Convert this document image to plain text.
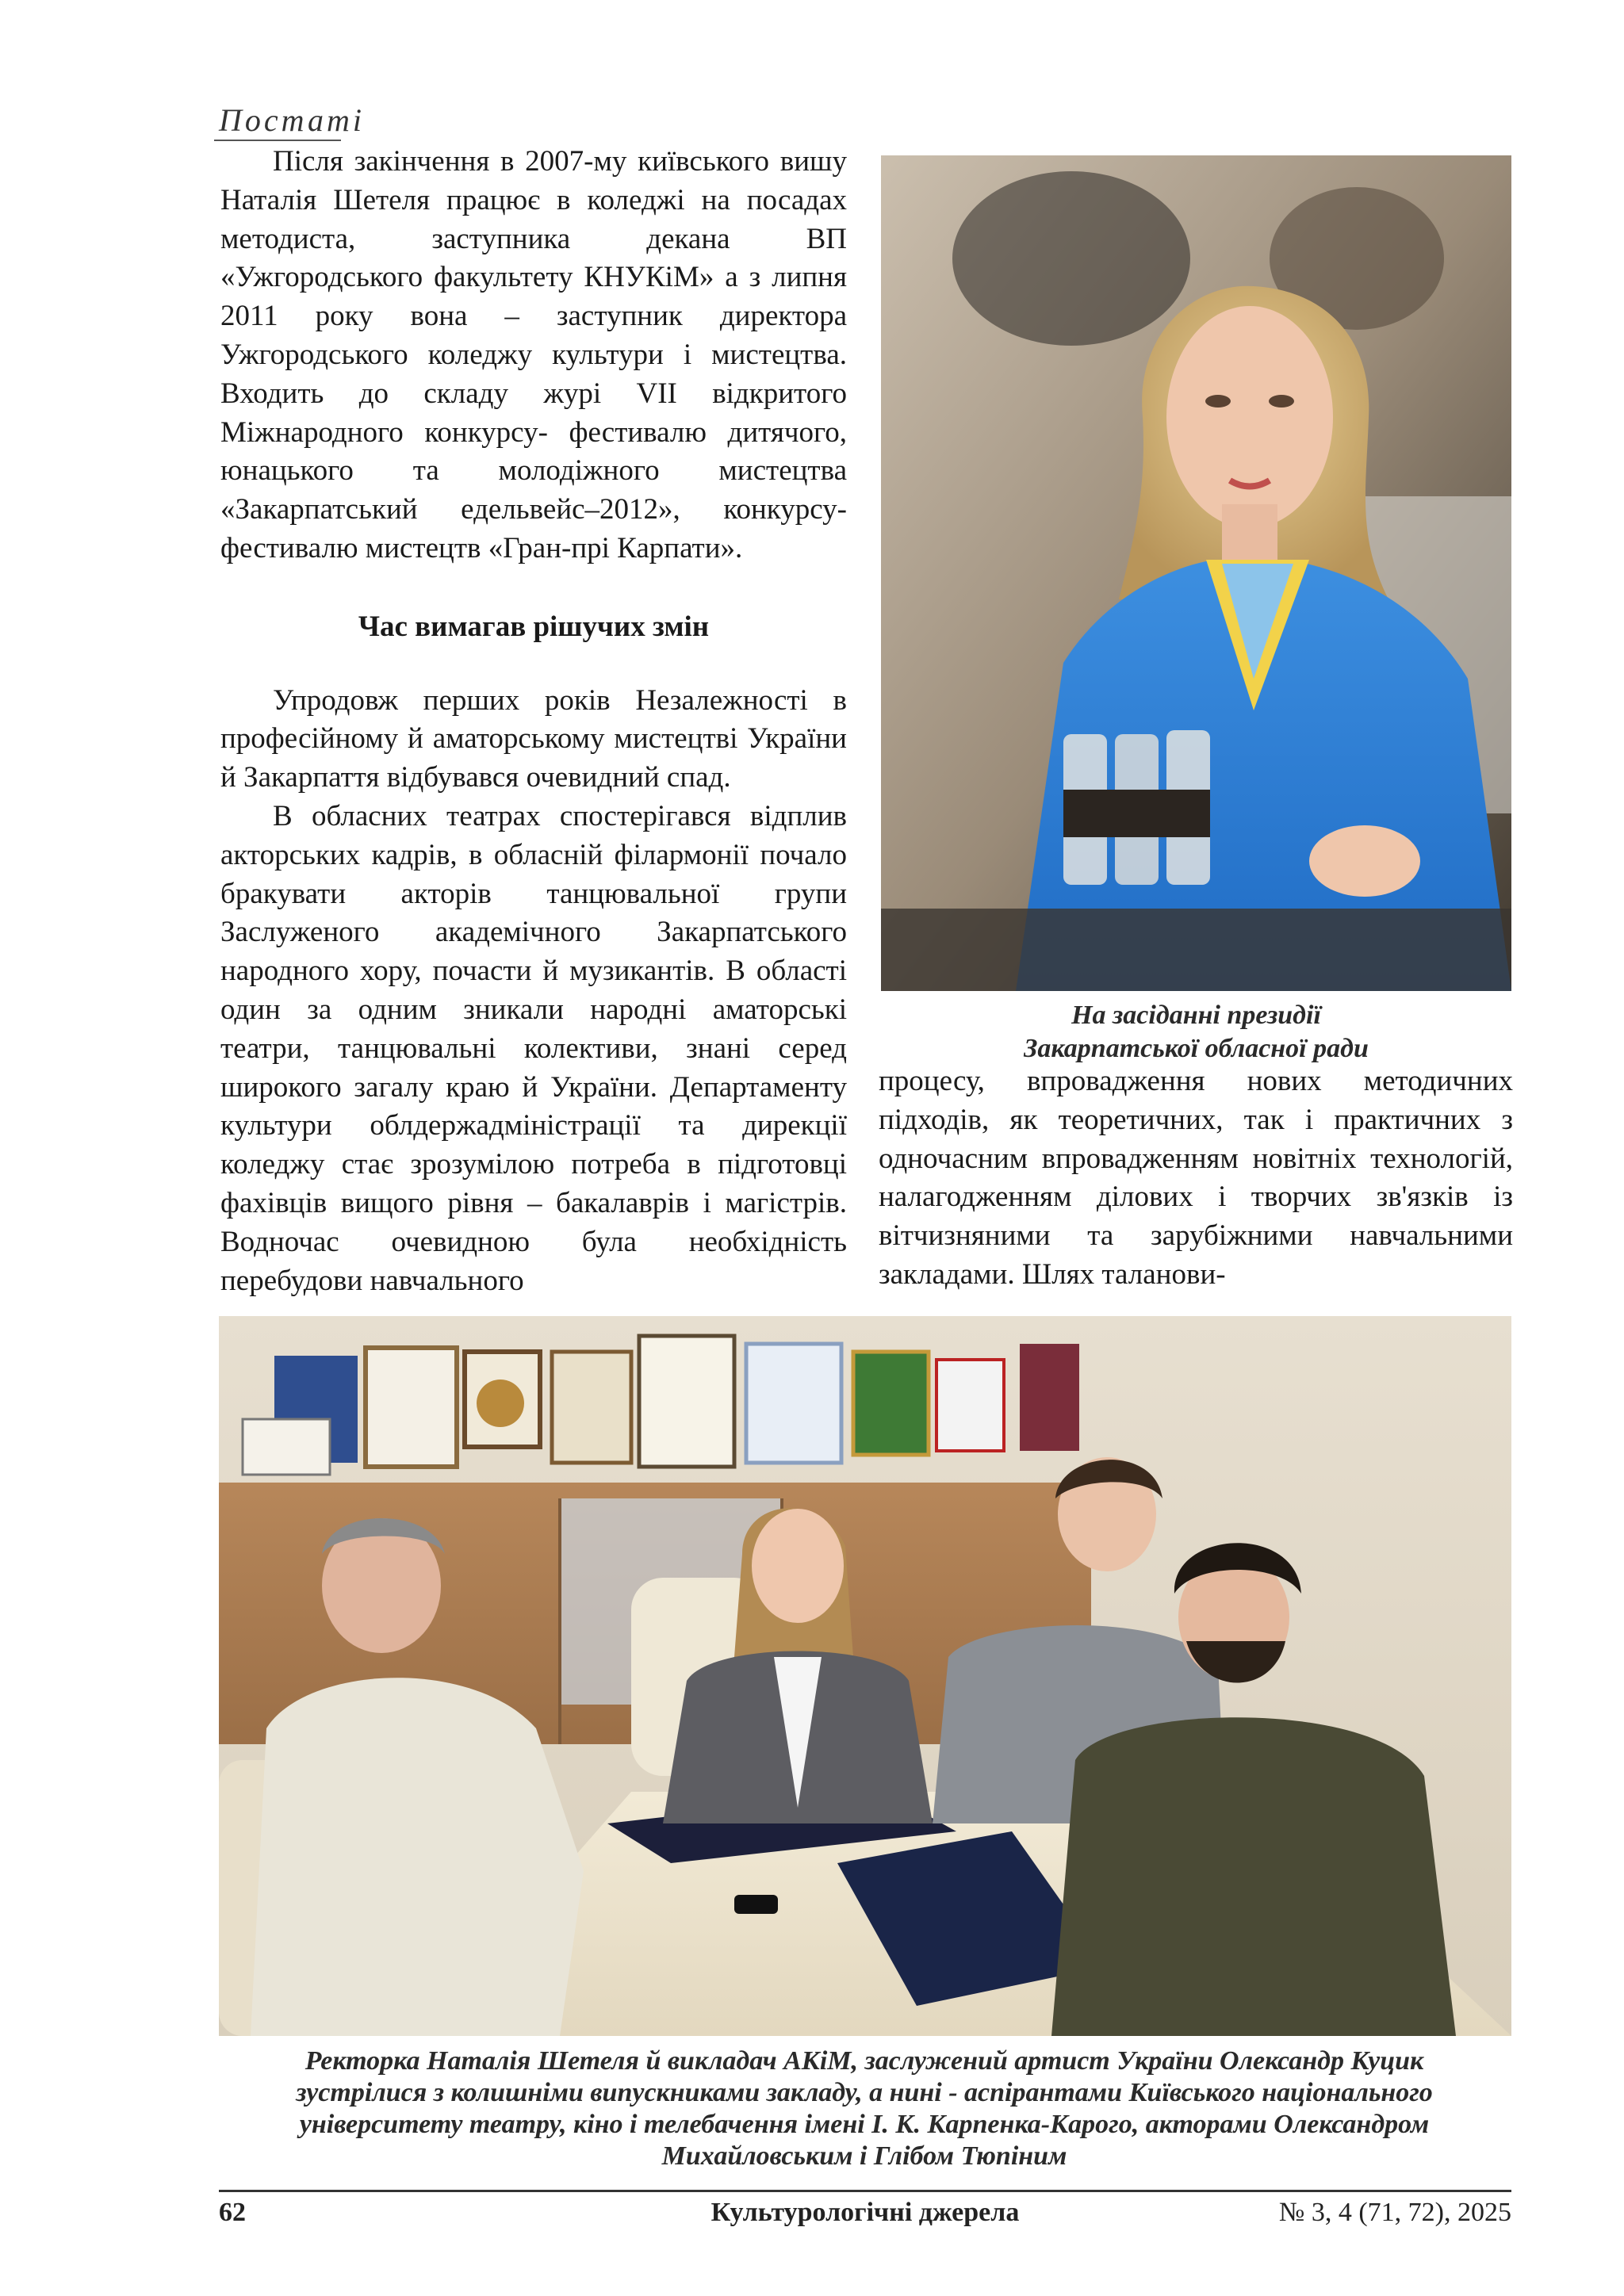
Постаті

Після закінчення в 2007-му київського вишу Наталія Шетеля працює в коледжі на посадах методиста, заступника декана ВП «Ужгородського факультету КНУКіМ» а з липня 2011 року вона – заступник директора Ужгородського коледжу культури і мистецтва. Входить до складу журі VII відкритого Міжнародного конкурсу- фестивалю дитячого, юнацького та молодіжного мистецтва «Закарпатський едельвейс–2012», конкурсу-фестивалю мистецтв «Гран-прі Карпати».

Час вимагав рішучих змін

Упродовж перших років Незалежності в професійному й аматорському мистецтві України й Закарпаття відбувався очевидний спад.

В обласних театрах спостерігався відплив акторських кадрів, в обласній філармонії почало бракувати акторів танцювальної групи Заслуженого академічного Закарпатського народного хору, почасти й музикантів. В області один за одним зникали народні аматорські театри, танцювальні колективи, знані серед широкого загалу краю й України. Департаменту культури облдержадміністрації та дирекції коледжу стає зрозумілою потреба в підготовці фахівців вищого рівня – бакалаврів і магістрів. Водночас очевидною була необхідність перебудови навчального

На засіданні президії
Закарпатської обласної ради

процесу, впровадження нових методичних підходів, як теоретичних, так і практичних з одночасним впровадженням новітніх технологій, налагодженням ділових і творчих зв'язків із вітчизняними та зарубіжними навчальними закладами. Шлях таланови-

Ректорка Наталія Шетеля й викладач АКіМ, заслужений артист України Олександр Куцик зустрілися з колишніми випускниками закладу, а нині - аспірантами Київського національного університету театру, кіно і телебачення імені І. К. Карпенка-Карого, акторами Олександром Михайловським і Глібом Тюпіним
62	Культурологічні джерела	№ 3, 4 (71, 72), 2025
